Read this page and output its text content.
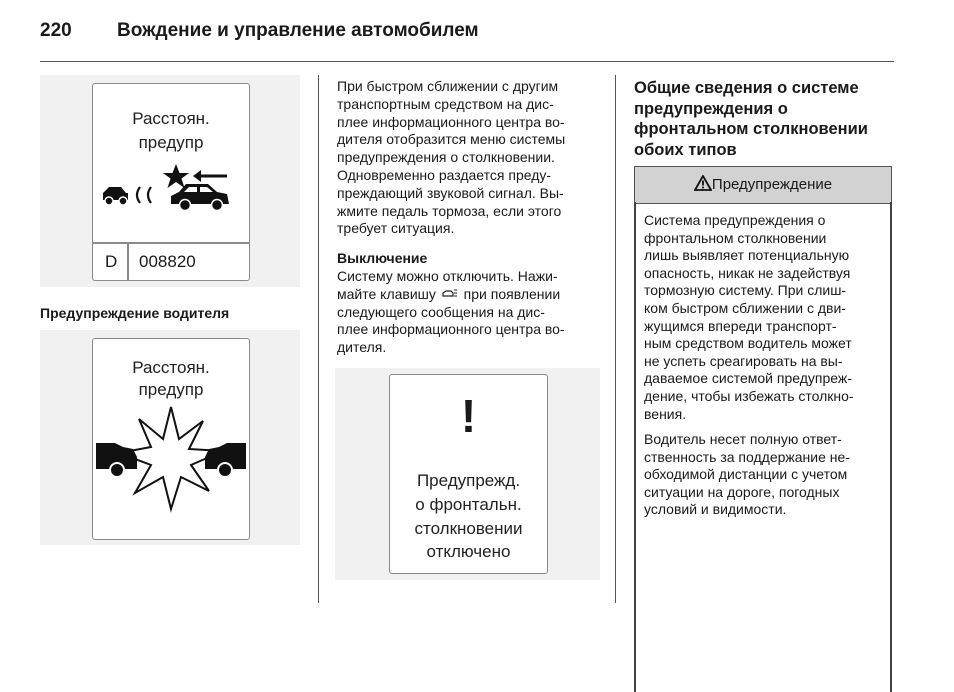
220 Вождение и управление автомобилем
Расстоян.
предупр
D 008820
Предупреждение водителя
Расстоян.
предупр
При быстром сближении с другим
транспортным средством на дис-
плее информационного центра во-
дителя отобразится меню системы
предупреждения о столкновении.
Одновременно раздается преду-
преждающий звуковой сигнал. Вы-
жмите педаль тормоза, если этого
требует ситуация.
Выключение
Систему можно отключить. Нажи-
майте клавишу при появлении
следующего сообщения на дис-
плее информационного центра во-
дителя.
!
Предупрежд.
о фронтальн.
столкновении
отключено
Общие сведения о системе предупреждения о фронтальном столкновении обоих типов
Предупреждение
Система предупреждения о
фронтальном столкновении
лишь выявляет потенциальную
опасность, никак не задействуя
тормозную систему. При слиш-
ком быстром сближении с дви-
жущимся впереди транспорт-
ным средством водитель может
не успеть среагировать на вы-
даваемое системой предупреж-
дение, чтобы избежать столкно-
вения.
Водитель несет полную ответ-
ственность за поддержание не-
обходимой дистанции с учетом
ситуации на дороге, погодных
условий и видимости.
